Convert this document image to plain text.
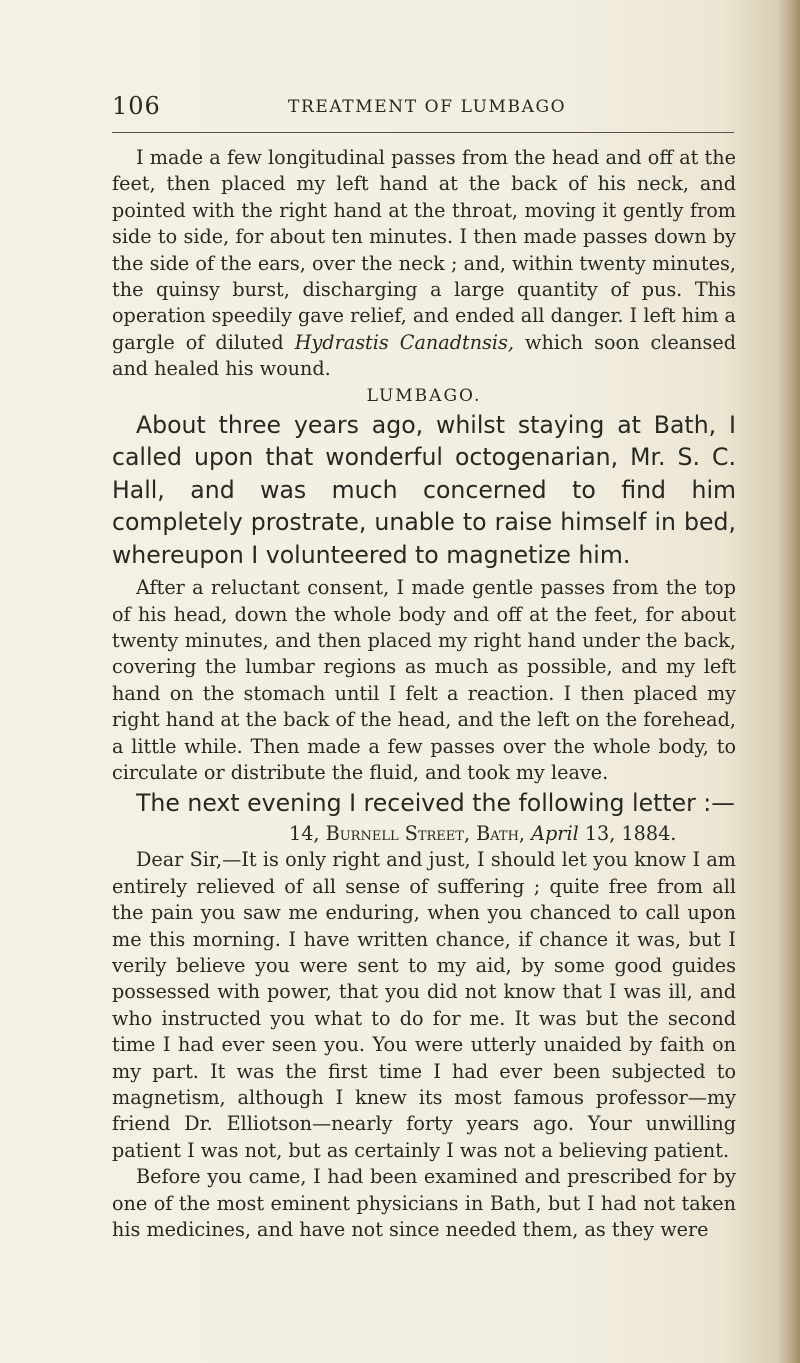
106	TREATMENT OF LUMBAGO

I made a few longitudinal passes from the head and off at the feet, then placed my left hand at the back of his neck, and pointed with the right hand at the throat, moving it gently from side to side, for about ten minutes. I then made passes down by the side of the ears, over the neck ; and, within twenty minutes, the quinsy burst, discharging a large quantity of pus. This operation speedily gave relief, and ended all danger. I left him a gargle of diluted Hydrastis Canadtnsis, which soon cleansed and healed his wound.

LUMBAGO.

About three years ago, whilst staying at Bath, I called upon that wonderful octogenarian, Mr. S. C. Hall, and was much concerned to find him completely prostrate, unable to raise himself in bed, whereupon I volunteered to magnetize him.

After a reluctant consent, I made gentle passes from the top of his head, down the whole body and off at the feet, for about twenty minutes, and then placed my right hand under the back, covering the lumbar regions as much as possible, and my left hand on the stomach until I felt a reaction. I then placed my right hand at the back of the head, and the left on the forehead, a little while. Then made a few passes over the whole body, to circulate or distribute the fluid, and took my leave.

The next evening I received the following letter :—

14, Burnell Street, Bath, April 13, 1884.

Dear Sir,—It is only right and just, I should let you know I am entirely relieved of all sense of suffering ; quite free from all the pain you saw me enduring, when you chanced to call upon me this morning. I have written chance, if chance it was, but I verily believe you were sent to my aid, by some good guides possessed with power, that you did not know that I was ill, and who instructed you what to do for me. It was but the second time I had ever seen you. You were utterly unaided by faith on my part. It was the first time I had ever been subjected to magnetism, although I knew its most famous professor—my friend Dr. Elliotson—nearly forty years ago. Your unwilling patient I was not, but as certainly I was not a believing patient.

Before you came, I had been examined and prescribed for by one of the most eminent physicians in Bath, but I had not taken his medicines, and have not since needed them, as they were
